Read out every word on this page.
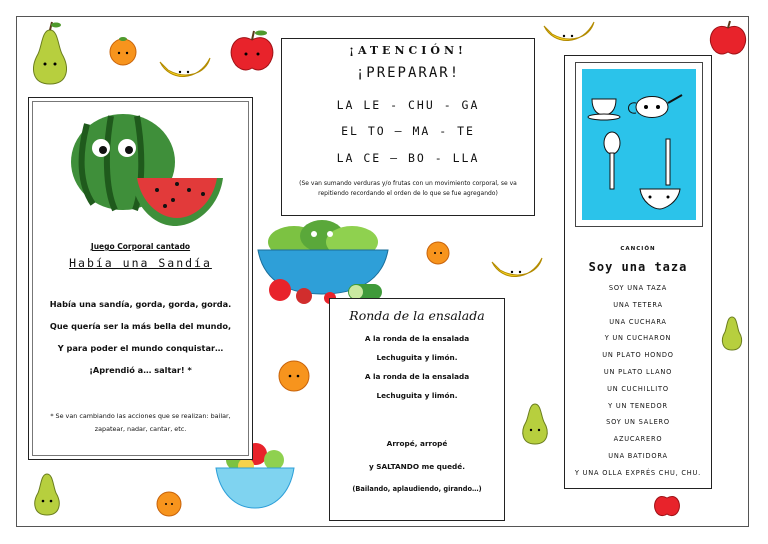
Juego Corporal cantado
Había una Sandía
Había una sandía, gorda, gorda, gorda.
Que quería ser la más bella del mundo,
Y para poder el mundo conquistar…
¡Aprendió a… saltar! *
* Se van cambiando las acciones que se realizan: bailar, zapatear, nadar, cantar, etc.
¡ATENCIÓN!
¡PREPARAR!
LA LE - CHU - GA
EL TO – MA - TE
LA CE – BO - LLA
(Se van sumando verduras y/o frutas con un movimiento corporal, se va repitiendo recordando el orden de lo que se fue agregando)
Ronda de la ensalada
A la ronda de la ensalada
Lechuguita y limón.
A la ronda de la ensalada
Lechuguita y limón.
Arropé, arropé
y SALTANDO me quedé.
(Bailando, aplaudiendo, girando…)
CANCIÓN
Soy una taza
SOY UNA TAZA
UNA TETERA
UNA CUCHARA
Y UN CUCHARON
UN PLATO HONDO
UN PLATO LLANO
UN CUCHILLITO
Y UN TENEDOR
SOY UN SALERO
AZUCARERO
UNA BATIDORA
Y UNA OLLA EXPRÉS CHU, CHU.
